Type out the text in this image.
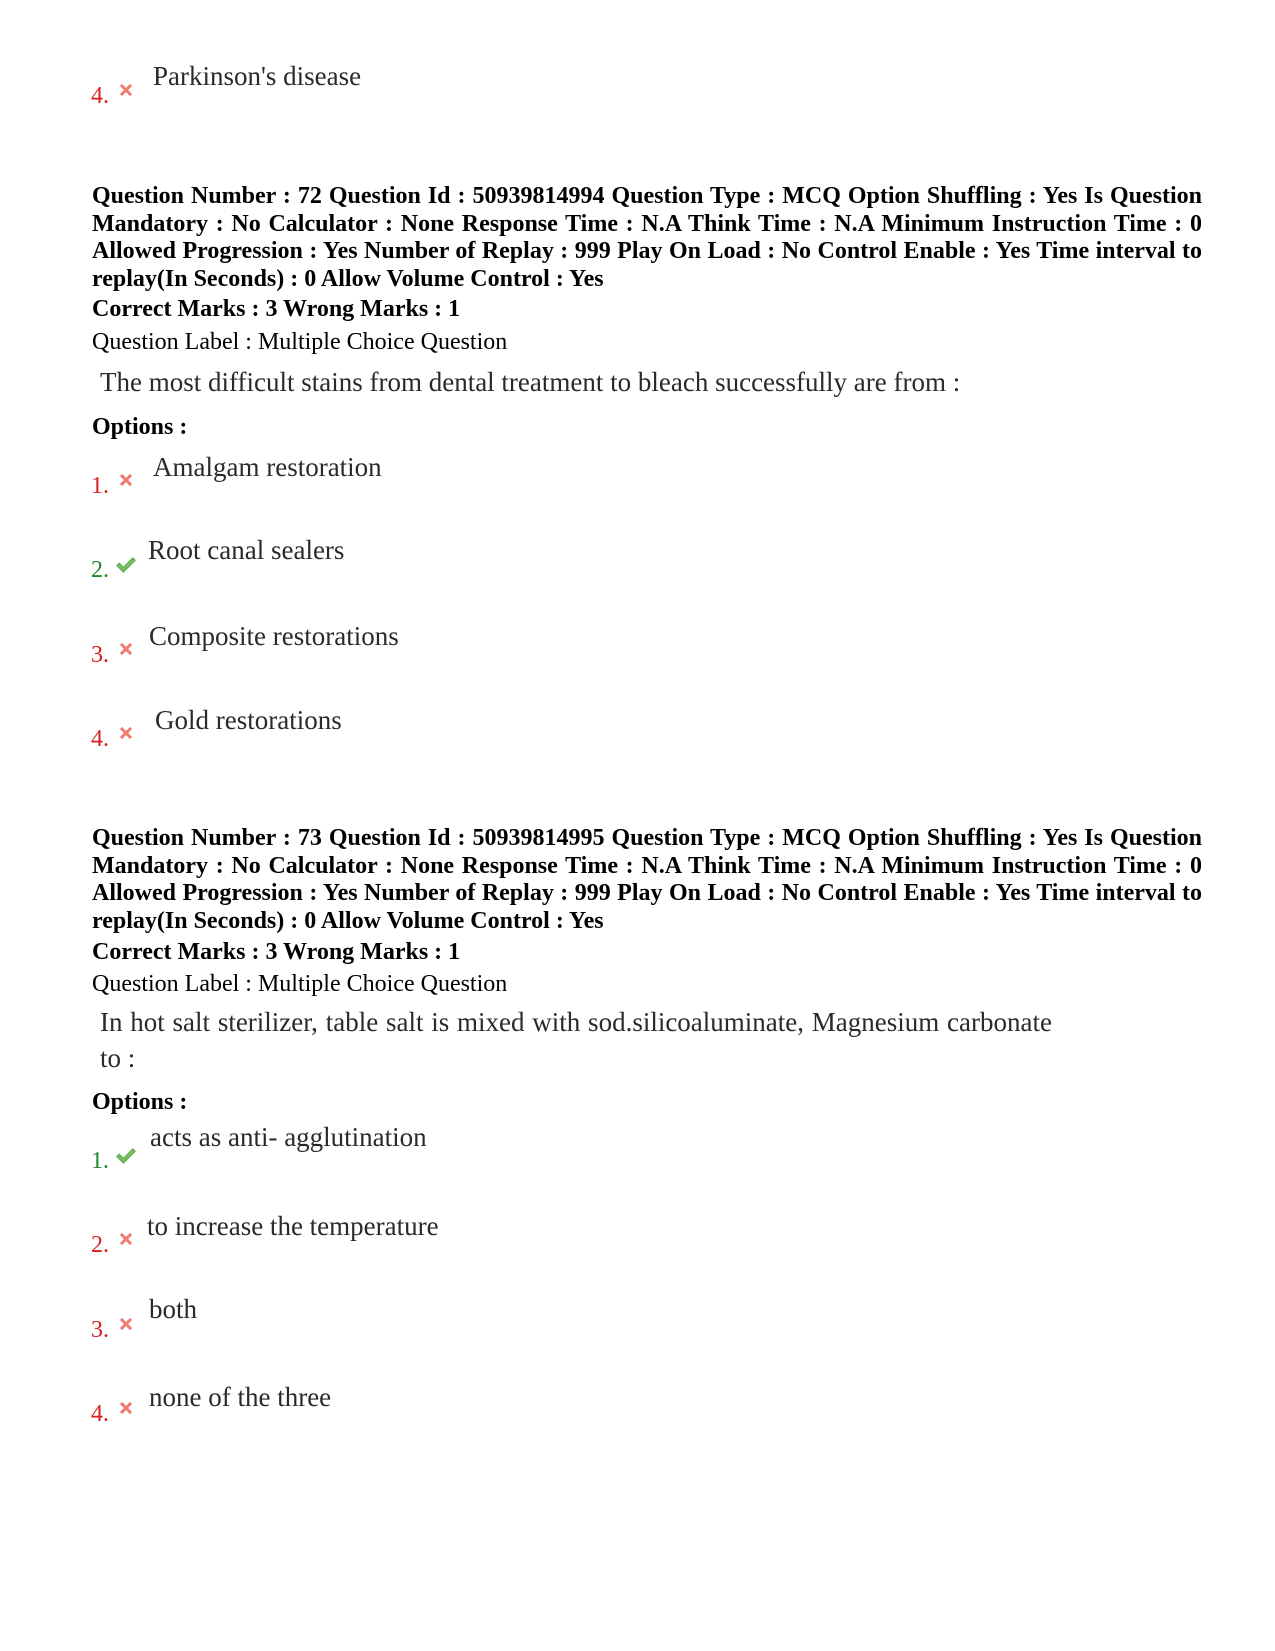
4.
Parkinson's disease
Question Number : 72 Question Id : 50939814994 Question Type : MCQ Option Shuffling : Yes Is Question Mandatory : No Calculator : None Response Time : N.A Think Time : N.A Minimum Instruction Time : 0 Allowed Progression : Yes Number of Replay : 999 Play On Load : No Control Enable : Yes Time interval to replay(In Seconds) : 0 Allow Volume Control : Yes
Correct Marks : 3 Wrong Marks : 1
Question Label : Multiple Choice Question
The most difficult stains from dental treatment to bleach successfully are from :
Options :
1.
Amalgam restoration
2.
Root canal sealers
3.
Composite restorations
4.
Gold restorations
Question Number : 73 Question Id : 50939814995 Question Type : MCQ Option Shuffling : Yes Is Question Mandatory : No Calculator : None Response Time : N.A Think Time : N.A Minimum Instruction Time : 0 Allowed Progression : Yes Number of Replay : 999 Play On Load : No Control Enable : Yes Time interval to replay(In Seconds) : 0 Allow Volume Control : Yes
Correct Marks : 3 Wrong Marks : 1
Question Label : Multiple Choice Question
In hot salt sterilizer, table salt is mixed with sod.silicoaluminate, Magnesium carbonate to :
Options :
1.
acts as anti- agglutination
2.
to increase the temperature
3.
both
4.
none of the three
